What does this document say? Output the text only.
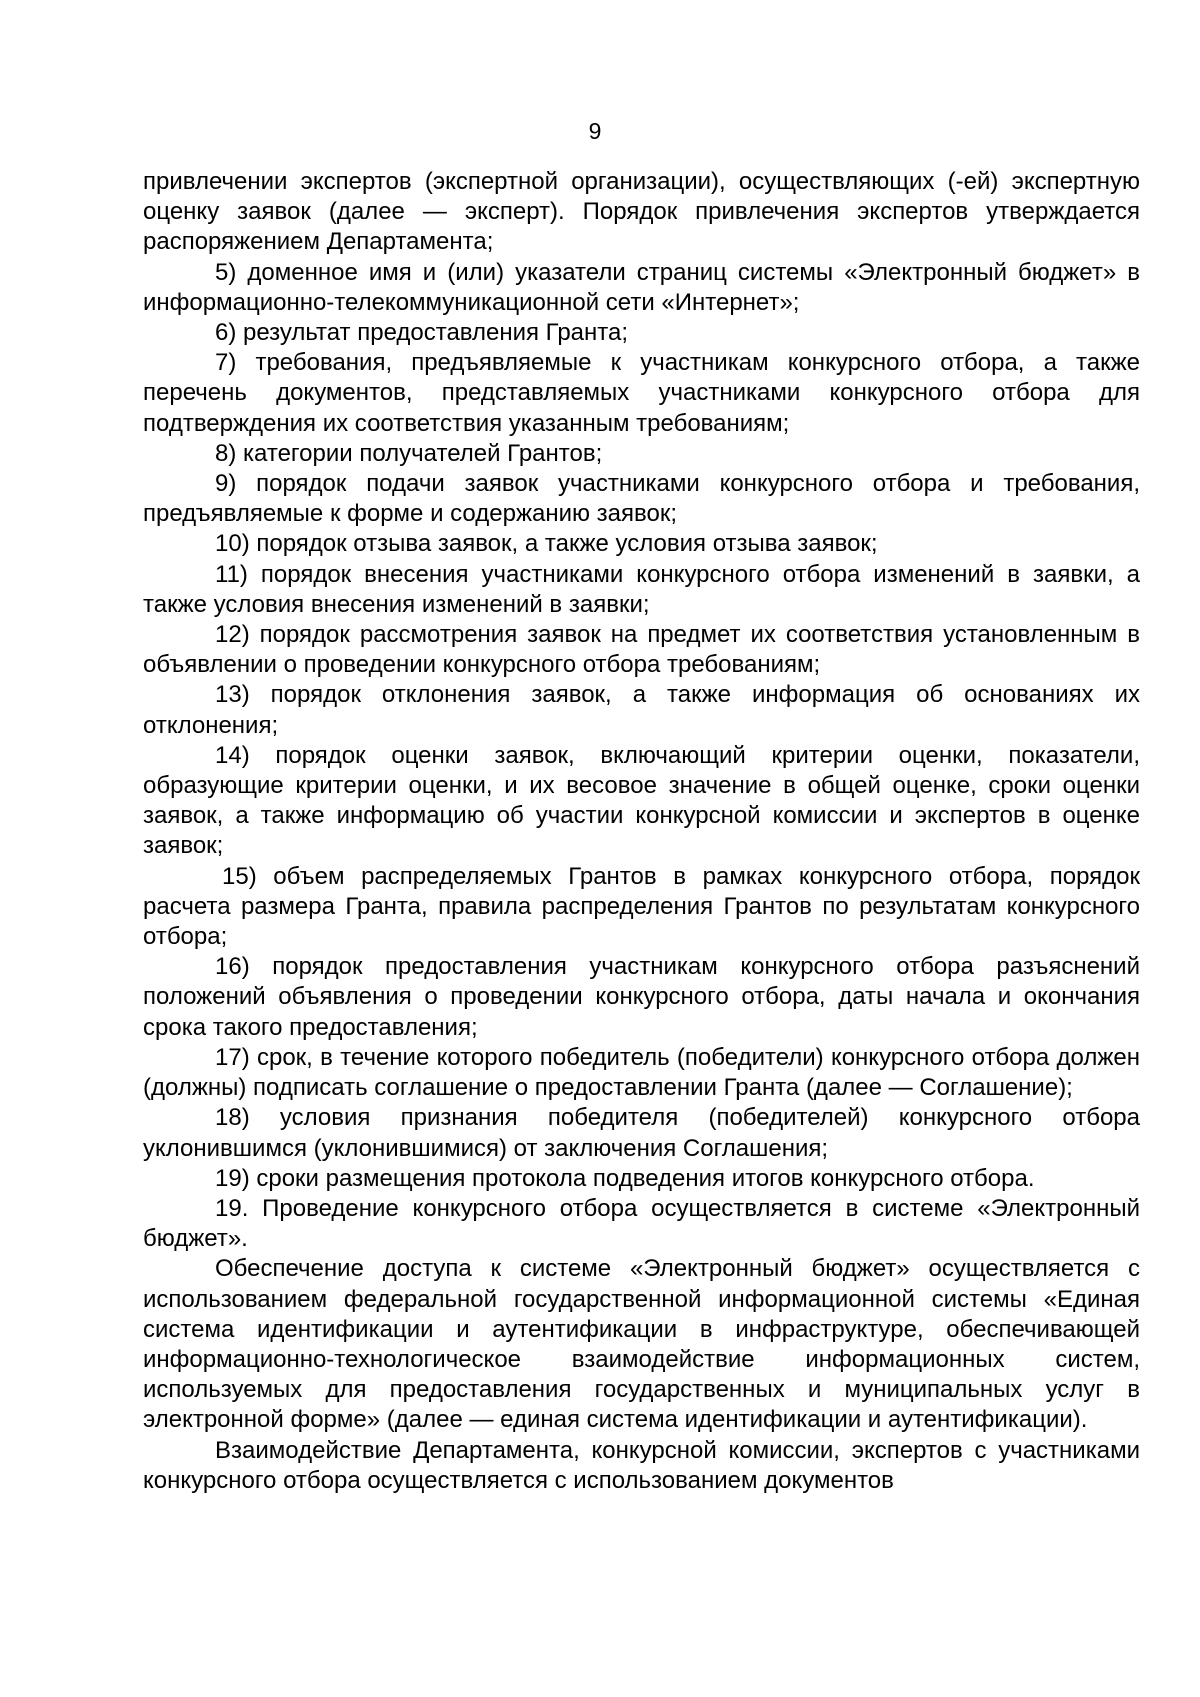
9

привлечении экспертов (экспертной организации), осуществляющих (-ей) экспертную оценку заявок (далее — эксперт). Порядок привлечения экспертов утверждается распоряжением Департамента;

5) доменное имя и (или) указатели страниц системы «Электронный бюджет» в информационно-телекоммуникационной сети «Интернет»;

6) результат предоставления Гранта;

7) требования, предъявляемые к участникам конкурсного отбора, а также перечень документов, представляемых участниками конкурсного отбора для подтверждения их соответствия указанным требованиям;

8) категории получателей Грантов;

9) порядок подачи заявок участниками конкурсного отбора и требования, предъявляемые к форме и содержанию заявок;

10) порядок отзыва заявок, а также условия отзыва заявок;

11) порядок внесения участниками конкурсного отбора изменений в заявки, а также условия внесения изменений в заявки;

12) порядок рассмотрения заявок на предмет их соответствия установленным в объявлении о проведении конкурсного отбора требованиям;

13) порядок отклонения заявок, а также информация об основаниях их отклонения;

14) порядок оценки заявок, включающий критерии оценки, показатели, образующие критерии оценки, и их весовое значение в общей оценке, сроки оценки заявок, а также информацию об участии конкурсной комиссии и экспертов в оценке заявок;

15) объем распределяемых Грантов в рамках конкурсного отбора, порядок расчета размера Гранта, правила распределения Грантов по результатам конкурсного отбора;

16) порядок предоставления участникам конкурсного отбора разъяснений положений объявления о проведении конкурсного отбора, даты начала и окончания срока такого предоставления;

17) срок, в течение которого победитель (победители) конкурсного отбора должен (должны) подписать соглашение о предоставлении Гранта (далее — Соглашение);

18) условия признания победителя (победителей) конкурсного отбора уклонившимся (уклонившимися) от заключения Соглашения;

19) сроки размещения протокола подведения итогов конкурсного отбора.

19. Проведение конкурсного отбора осуществляется в системе «Электронный бюджет».

Обеспечение доступа к системе «Электронный бюджет» осуществляется с использованием федеральной государственной информационной системы «Единая система идентификации и аутентификации в инфраструктуре, обеспечивающей информационно-технологическое взаимодействие информационных систем, используемых для предоставления государственных и муниципальных услуг в электронной форме» (далее — единая система идентификации и аутентификации).

Взаимодействие Департамента, конкурсной комиссии, экспертов с участниками конкурсного отбора осуществляется с использованием документов
